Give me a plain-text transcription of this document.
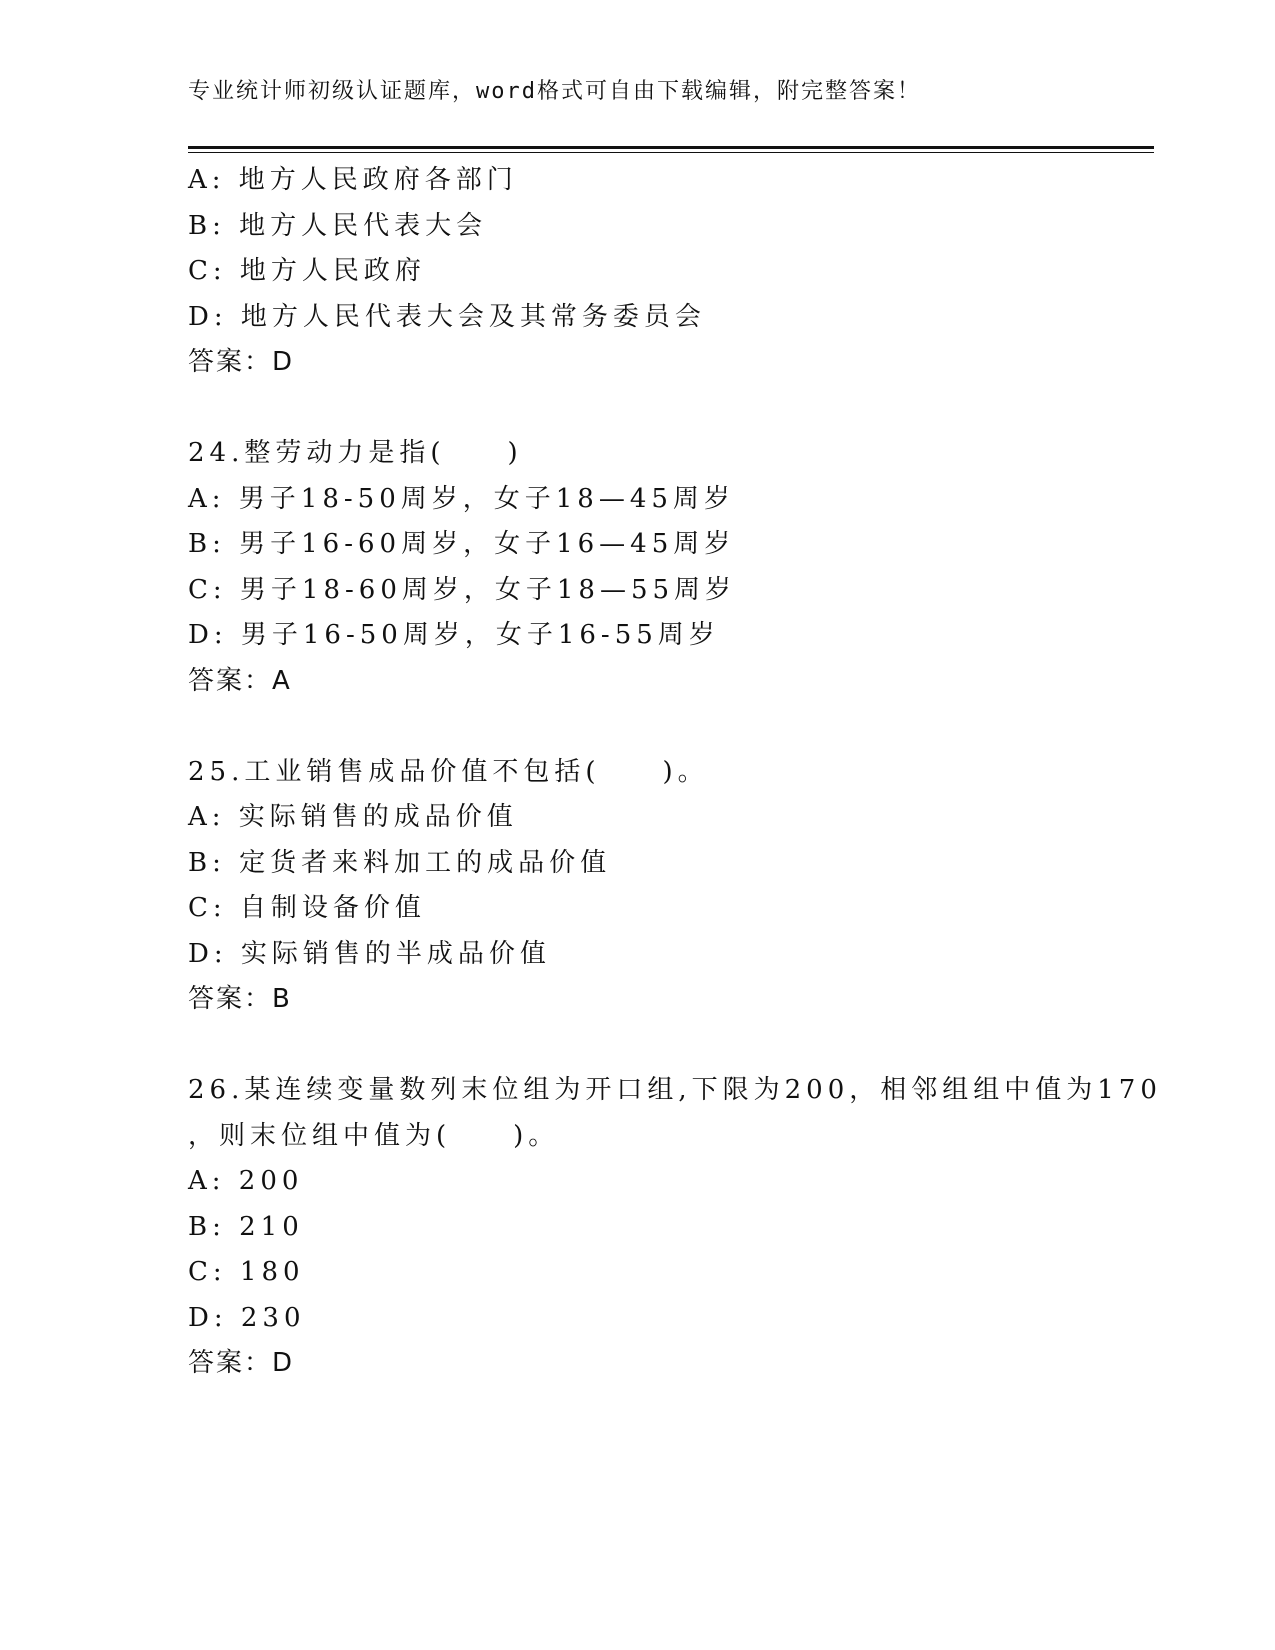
专业统计师初级认证题库，word格式可自由下载编辑，附完整答案！
A: 地方人民政府各部门
B: 地方人民代表大会
C: 地方人民政府
D: 地方人民代表大会及其常务委员会
答案：D
24.整劳动力是指(　　)
A: 男子18-50周岁，女子18—45周岁
B: 男子16-60周岁，女子16—45周岁
C: 男子18-60周岁，女子18—55周岁
D: 男子16-50周岁，女子16-55周岁
答案：A
25.工业销售成品价值不包括(　　)。
A: 实际销售的成品价值
B: 定货者来料加工的成品价值
C: 自制设备价值
D: 实际销售的半成品价值
答案：B
26.某连续变量数列末位组为开口组,下限为200，相邻组组中值为170
，则末位组中值为(　　)。
A: 200
B: 210
C: 180
D: 230
答案：D
